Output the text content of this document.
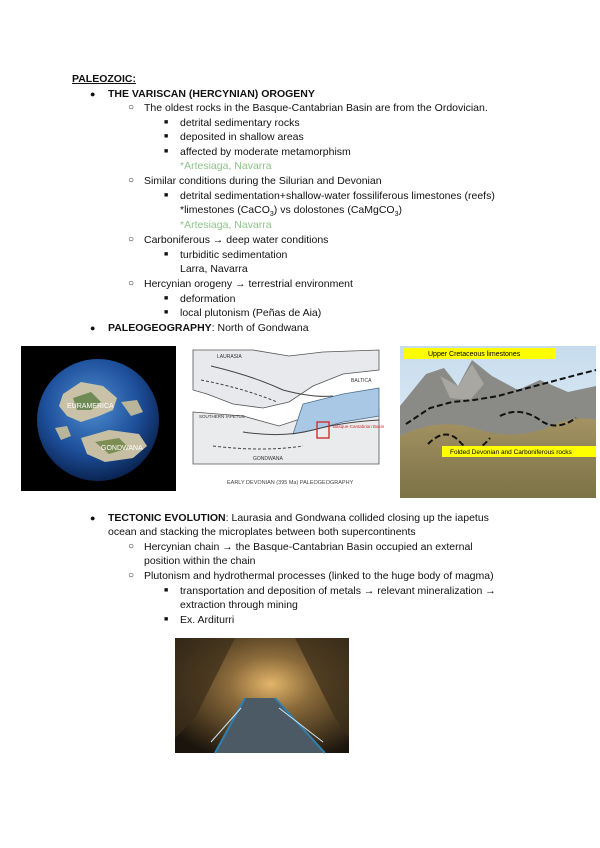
PALEOZOIC:
● THE VARISCAN (HERCYNIAN) OROGENY
○ The oldest rocks in the Basque-Cantabrian Basin are from the Ordovician.
■ detrital sedimentary rocks
■ deposited in shallow areas
■ affected by moderate metamorphism
*Artesiaga, Navarra
○ Similar conditions during the Silurian and Devonian
■ detrital sedimentation+shallow-water fossiliferous limestones (reefs)
*limestones (CaCO$_3$) vs dolostones (CaMgCO$_3$)
*Artesiaga, Navarra
○ Carboniferous → deep water conditions
■ turbiditic sedimentation
Larra, Navarra
○ Hercynian orogeny → terrestrial environment
■ deformation
■ local plutonism (Peñas de Aia)
● PALEOGEOGRAPHY: North of Gondwana
EURAMERICA
GONDWANA
LAURASIA
BALTICA
SOUTHERN IAPETUS
GONDWANA
Basque-Cantabrian Basin
EARLY DEVONIAN (395 Ma) PALEOGEOGRAPHY
Upper Cretaceous limestones
Folded Devonian and Carboniferous rocks
● TECTONIC EVOLUTION: Laurasia and Gondwana collided closing up the iapetus
ocean and stacking the microplates between both supercontinents
○ Hercynian chain → the Basque-Cantabrian Basin occupied an external
position within the chain
○ Plutonism and hydrothermal processes (linked to the huge body of magma)
■ transportation and deposition of metals → relevant mineralization →
extraction through mining
■ Ex. Arditurri
